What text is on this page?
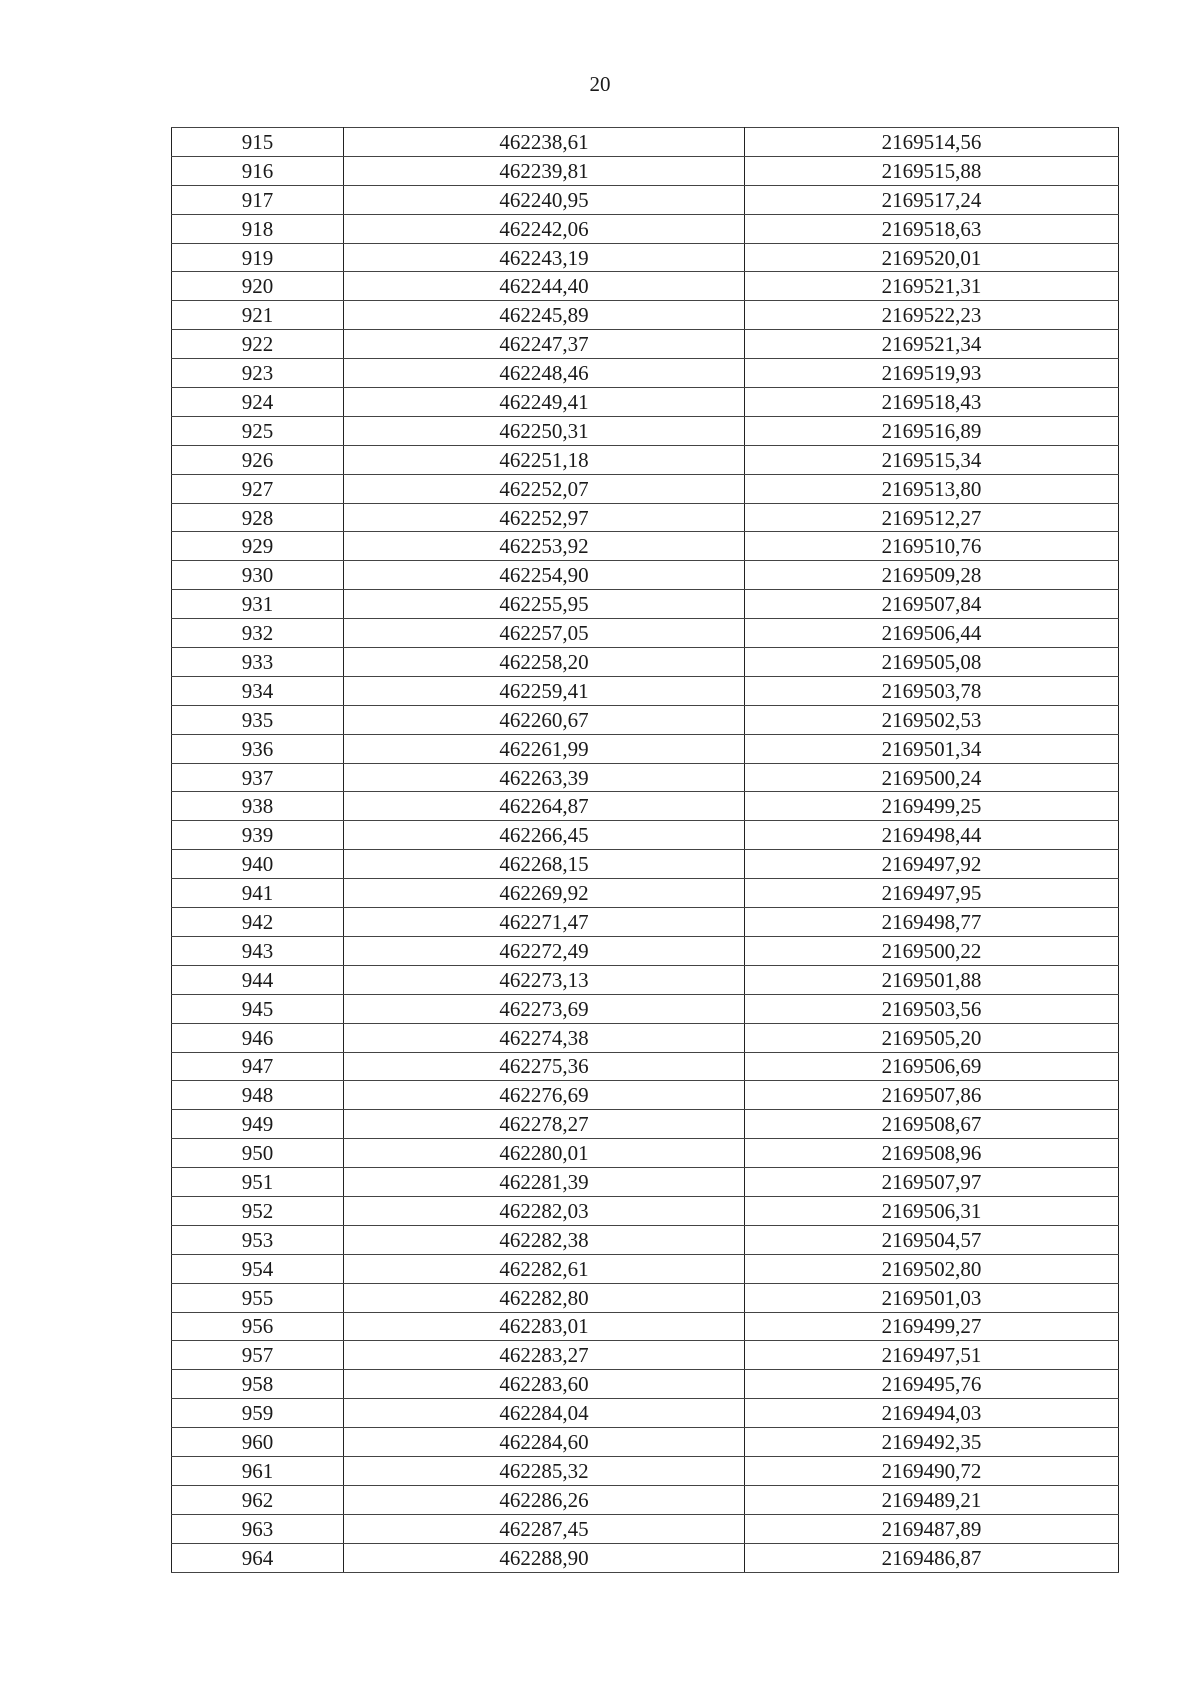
20
915	462238,61	2169514,56
916	462239,81	2169515,88
917	462240,95	2169517,24
918	462242,06	2169518,63
919	462243,19	2169520,01
920	462244,40	2169521,31
921	462245,89	2169522,23
922	462247,37	2169521,34
923	462248,46	2169519,93
924	462249,41	2169518,43
925	462250,31	2169516,89
926	462251,18	2169515,34
927	462252,07	2169513,80
928	462252,97	2169512,27
929	462253,92	2169510,76
930	462254,90	2169509,28
931	462255,95	2169507,84
932	462257,05	2169506,44
933	462258,20	2169505,08
934	462259,41	2169503,78
935	462260,67	2169502,53
936	462261,99	2169501,34
937	462263,39	2169500,24
938	462264,87	2169499,25
939	462266,45	2169498,44
940	462268,15	2169497,92
941	462269,92	2169497,95
942	462271,47	2169498,77
943	462272,49	2169500,22
944	462273,13	2169501,88
945	462273,69	2169503,56
946	462274,38	2169505,20
947	462275,36	2169506,69
948	462276,69	2169507,86
949	462278,27	2169508,67
950	462280,01	2169508,96
951	462281,39	2169507,97
952	462282,03	2169506,31
953	462282,38	2169504,57
954	462282,61	2169502,80
955	462282,80	2169501,03
956	462283,01	2169499,27
957	462283,27	2169497,51
958	462283,60	2169495,76
959	462284,04	2169494,03
960	462284,60	2169492,35
961	462285,32	2169490,72
962	462286,26	2169489,21
963	462287,45	2169487,89
964	462288,90	2169486,87
